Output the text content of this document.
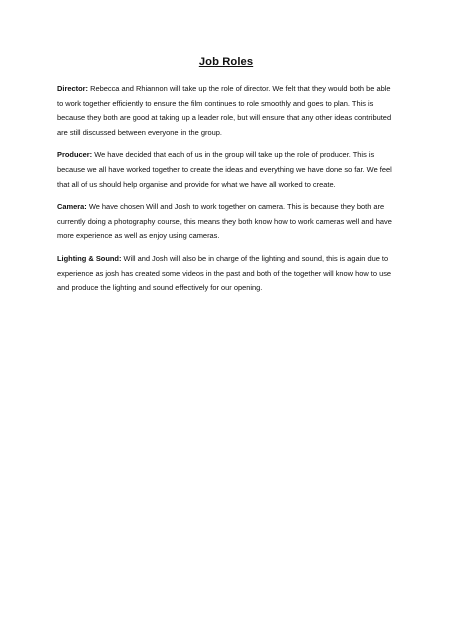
Job Roles

Director: Rebecca and Rhiannon will take up the role of director. We felt that they would both be able to work together efficiently to ensure the film continues to role smoothly and goes to plan. This is because they both are good at taking up a leader role, but will ensure that any other ideas contributed are still discussed between everyone in the group.

Producer: We have decided that each of us in the group will take up the role of producer. This is because we all have worked together to create the ideas and everything we have done so far. We feel that all of us should help organise and provide for what we have all worked to create.

Camera: We have chosen Will and Josh to work together on camera. This is because they both are currently doing a photography course, this means they both know how to work cameras well and have more experience as well as enjoy using cameras.

Lighting & Sound: Will and Josh will also be in charge of the lighting and sound, this is again due to experience as josh has created some videos in the past and both of the together will know how to use and produce the lighting and sound effectively for our opening.
